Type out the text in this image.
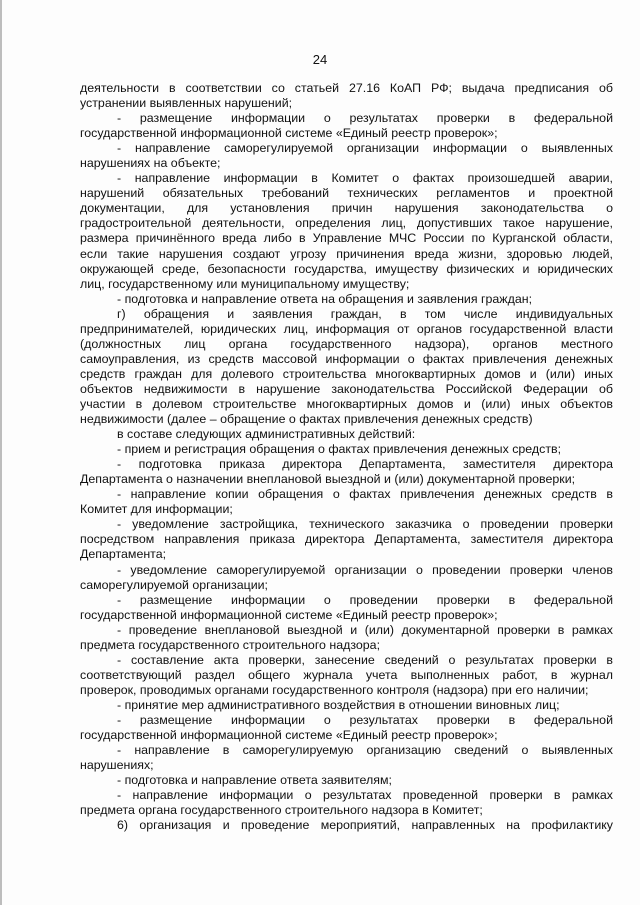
24
деятельности в соответствии со статьей 27.16 КоАП РФ; выдача предписания об
устранении выявленных нарушений;
- размещение информации о результатах проверки в федеральной
государственной информационной системе «Единый реестр проверок»;
- направление саморегулируемой организации информации о выявленных
нарушениях на объекте;
- направление информации в Комитет о фактах произошедшей аварии,
нарушений обязательных требований технических регламентов и проектной
документации, для установления причин нарушения законодательства о
градостроительной деятельности, определения лиц, допустивших такое нарушение,
размера причинённого вреда либо в Управление МЧС России по Курганской области,
если такие нарушения создают угрозу причинения вреда жизни, здоровью людей,
окружающей среде, безопасности государства, имуществу физических и юридических
лиц, государственному или муниципальному имуществу;
- подготовка и направление ответа на обращения и заявления граждан;
г) обращения и заявления граждан, в том числе индивидуальных
предпринимателей, юридических лиц, информация от органов государственной власти
(должностных лиц органа государственного надзора), органов местного
самоуправления, из средств массовой информации о фактах привлечения денежных
средств граждан для долевого строительства многоквартирных домов и (или) иных
объектов недвижимости в нарушение законодательства Российской Федерации об
участии в долевом строительстве многоквартирных домов и (или) иных объектов
недвижимости (далее – обращение о фактах привлечения денежных средств)
в составе следующих административных действий:
- прием и регистрация обращения о фактах привлечения денежных средств;
- подготовка приказа директора Департамента, заместителя директора
Департамента о назначении внеплановой выездной и (или) документарной проверки;
- направление копии обращения о фактах привлечения денежных средств в
Комитет для информации;
- уведомление застройщика, технического заказчика о проведении проверки
посредством направления приказа директора Департамента, заместителя директора
Департамента;
- уведомление саморегулируемой организации о проведении проверки членов
саморегулируемой организации;
- размещение информации о проведении проверки в федеральной
государственной информационной системе «Единый реестр проверок»;
- проведение внеплановой выездной и (или) документарной проверки в рамках
предмета государственного строительного надзора;
- составление акта проверки, занесение сведений о результатах проверки в
соответствующий раздел общего журнала учета выполненных работ, в журнал
проверок, проводимых органами государственного контроля (надзора) при его наличии;
- принятие мер административного воздействия в отношении виновных лиц;
- размещение информации о результатах проверки в федеральной
государственной информационной системе «Единый реестр проверок»;
- направление в саморегулируемую организацию сведений о выявленных
нарушениях;
- подготовка и направление ответа заявителям;
- направление информации о результатах проведенной проверки в рамках
предмета органа государственного строительного надзора в Комитет;
6) организация и проведение мероприятий, направленных на профилактику
